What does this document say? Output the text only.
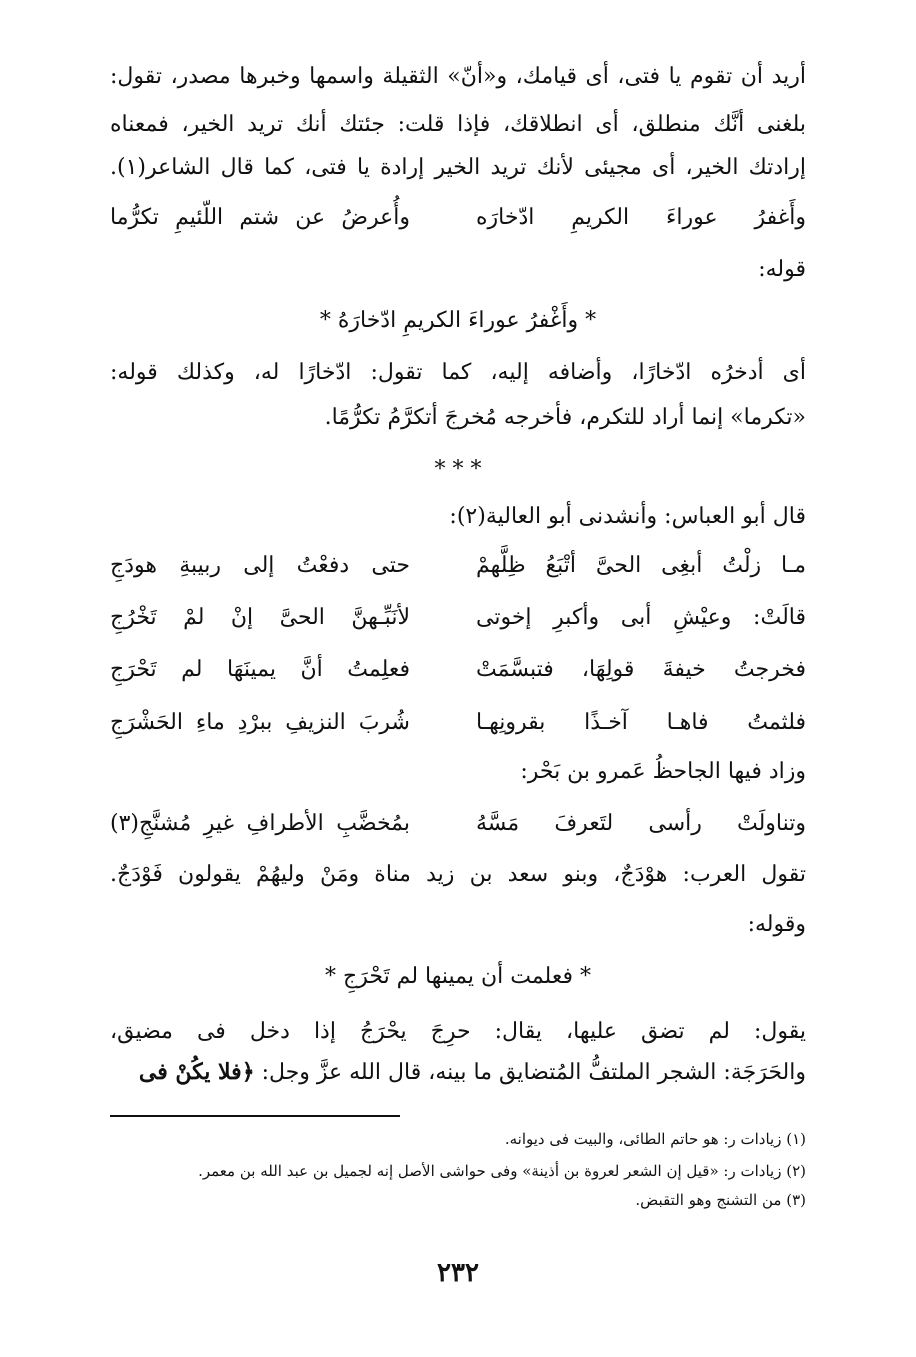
أريد أن تقوم يا فتى، أى قيامك، و«أنّ» الثقيلة واسمها وخبرها مصدر، تقول:
بلغنى أنَّك منطلق، أى انطلاقك، فإذا قلت: جئتك أنك تريد الخير، فمعناه
إرادتك الخير، أى مجيئى لأنك تريد الخير إرادة يا فتى، كما قال الشاعر(١).
وأَغفرُ عوراءَ الكريمِ ادّخارَه
وأُعرضُ عن شتم اللّئيمِ تكرُّما
قوله:
* وأَغْفرُ عوراءَ الكريمِ ادّخارَهُ *
أى أدخرُه ادّخارًا، وأضافه إليه، كما تقول: ادّخارًا له، وكذلك قوله:
«تكرما» إنما أراد للتكرم، فأخرجه مُخرجَ أتكرَّمُ تكرُّمًا.
* * *
قال أبو العباس: وأنشدنى أبو العالية(٢):
مـا زلْتُ أبغِى الحىَّ أتْبَعُ ظِلَّهمْ
حتى دفعْتُ إلى ربيبةِ هودَجِ
قالَتْ: وعيْشِ أبى وأكبرِ إخوتى
لأنَبِّـهنَّ الحىَّ إنْ لمْ تَخْرُجِ
فخرجتُ خيفةَ قولِهَا، فتبسَّمَتْ
فعلِمتُ أنَّ يمينَهَا لم تَحْرَجِ
فلثمتُ فاهـا آخـذًا بقرونِهـا
شُربَ النزيفِ ببرْدِ ماءِ الحَشْرَجِ
وزاد فيها الجاحظُ عَمرو بن بَحْر:
وتناولَتْ رأسى لتَعرفَ مَسَّهُ
بمُخضَّبِ الأطرافِ غيرِ مُشنَّجِ(٣)
تقول العرب: هوْدَجٌ، وبنو سعد بن زيد مناة ومَنْ وليهُمْ يقولون فَوْدَجٌ.
وقوله:
* فعلمت أن يمينها لم تَحْرَجِ *
يقول: لم تضق عليها، يقال: حرِجَ يحْرَجُ إذا دخل فى مضيق،
والحَرَجَة: الشجر الملتفُّ المُتضايق ما بينه، قال الله عزَّ وجل: ﴿فلا يكُنْ فى
(١) زيادات ر: هو حاتم الطائى، والبيت فى ديوانه.
(٢) زيادات ر: «قيل إن الشعر لعروة بن أذينة» وفى حواشى الأصل إنه لجميل بن عبد الله بن معمر.
(٣) من التشنج وهو التقبض.
٢٣٢
